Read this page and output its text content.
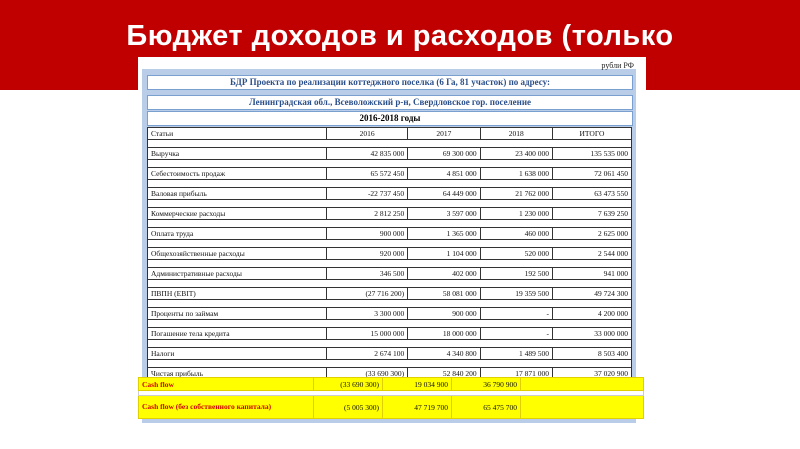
Бюджет доходов и расходов (только
рубли РФ
БДР Проекта по реализации коттеджного поселка (6 Га, 81 участок) по адресу:
Ленинградская обл., Всеволожский р-н, Свердловское гор. поселение
2016-2018 годы
Статьи	2016	2017	2018	ИТОГО

Выручка	42 835 000	69 300 000	23 400 000	135 535 000

Себестоимость продаж	65 572 450	4 851 000	1 638 000	72 061 450

Валовая прибыль	-22 737 450	64 449 000	21 762 000	63 473 550

Коммерческие расходы	2 812 250	3 597 000	1 230 000	7 639 250

Оплата труда	900 000	1 365 000	460 000	2 625 000

Общехозяйственные расходы	920 000	1 104 000	520 000	2 544 000

Административные расходы	346 500	402 000	192 500	941 000

ПВПН (EBIT)	(27 716 200)	58 081 000	19 359 500	49 724 300

Проценты по займам	3 300 000	900 000	-	4 200 000

Погашение тела кредита	15 000 000	18 000 000	-	33 000 000

Налоги	2 674 100	4 340 800	1 489 500	8 503 400

Чистая прибыль	(33 690 300)	52 840 200	17 871 000	37 020 900
Cash flow	(33 690 300)	19 034 900	36 790 900	

Cash flow (без собственного капитала)	(5 005 300)	47 719 700	65 475 700	
